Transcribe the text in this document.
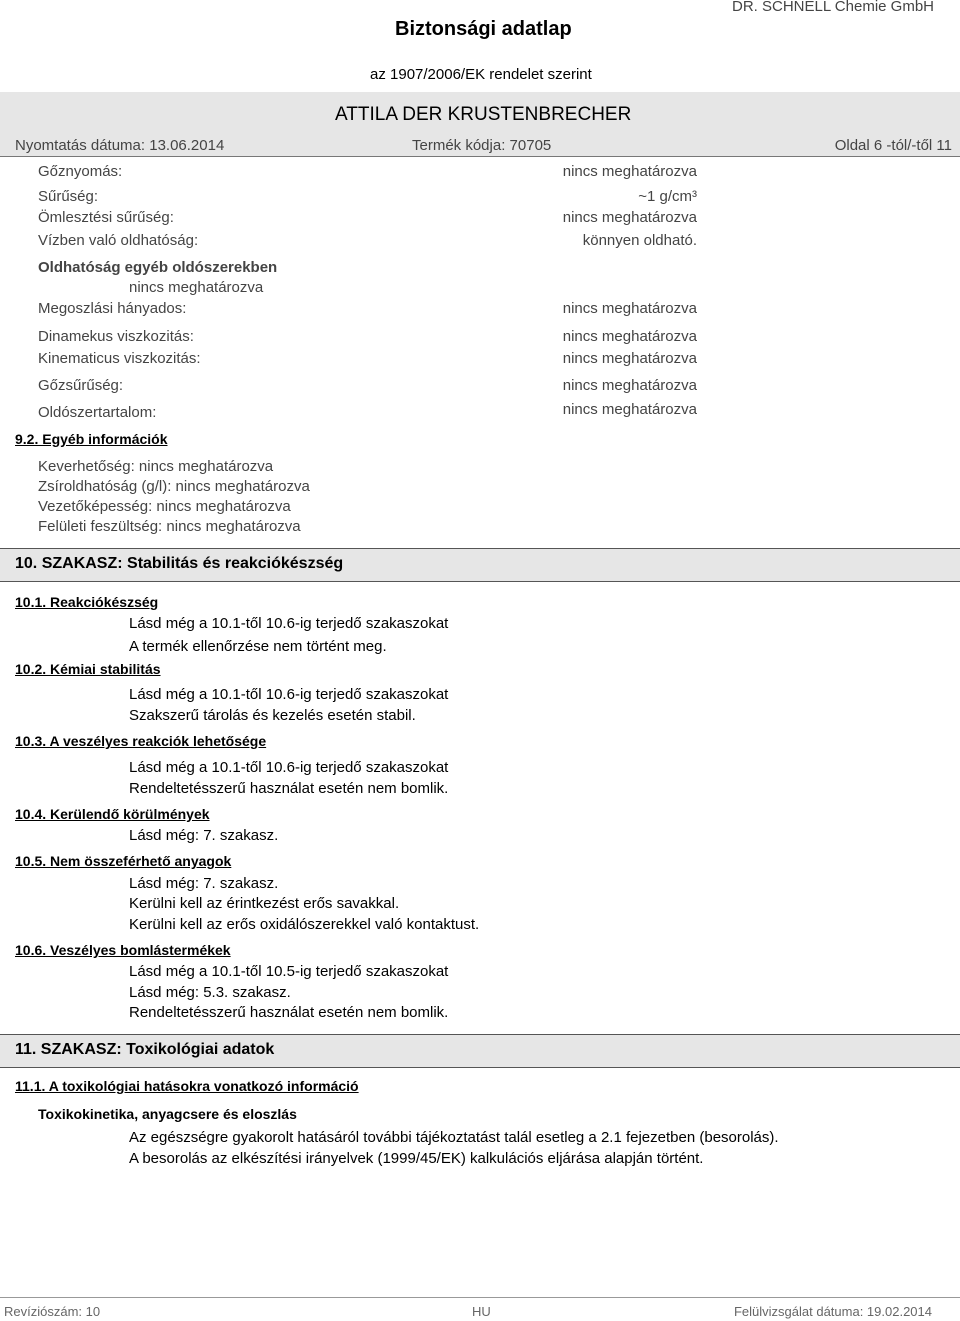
Biztonsági adatlap
DR. SCHNELL Chemie GmbH
az 1907/2006/EK rendelet szerint
ATTILA DER KRUSTENBRECHER
Nyomtatás dátuma: 13.06.2014	Termék kódja: 70705	Oldal 6 -tól/-től 11
Gőznyomás:	nincs meghatározva
Sűrűség:	~1 g/cm³
Ömlesztési sűrűség:	nincs meghatározva
Vízben való oldhatóság:	könnyen oldható.
Oldhatóság egyéb oldószerekben
nincs meghatározva
Megoszlási hányados:	nincs meghatározva
Dinamekus viszkozitás:	nincs meghatározva
Kinematicus viszkozitás:	nincs meghatározva
Gőzsűrűség:	nincs meghatározva
Oldószertartalom:	nincs meghatározva
9.2. Egyéb információk
Keverhetőség: nincs meghatározva
Zsíroldhatóság (g/l): nincs meghatározva
Vezetőképesség: nincs meghatározva
Felületi feszültség: nincs meghatározva
10. SZAKASZ: Stabilitás és reakciókészség
10.1. Reakciókészség
Lásd még a 10.1-től 10.6-ig terjedő szakaszokat
A termék ellenőrzése nem történt meg.
10.2. Kémiai stabilitás
Lásd még a 10.1-től 10.6-ig terjedő szakaszokat
Szakszerű tárolás és kezelés esetén stabil.
10.3. A veszélyes reakciók lehetősége
Lásd még a 10.1-től 10.6-ig terjedő szakaszokat
Rendeltetésszerű használat esetén nem bomlik.
10.4. Kerülendő körülmények
Lásd még: 7. szakasz.
10.5. Nem összeférhető anyagok
Lásd még: 7. szakasz.
Kerülni kell az érintkezést erős savakkal.
Kerülni kell az erős oxidálószerekkel való kontaktust.
10.6. Veszélyes bomlástermékek
Lásd még a 10.1-től 10.5-ig terjedő szakaszokat
Lásd még: 5.3. szakasz.
Rendeltetésszerű használat esetén nem bomlik.
11. SZAKASZ: Toxikológiai adatok
11.1. A toxikológiai hatásokra vonatkozó információ
Toxikokinetika, anyagcsere és eloszlás
Az egészségre gyakorolt hatásáról további tájékoztatást talál esetleg a 2.1 fejezetben (besorolás).
A besorolás az elkészítési irányelvek (1999/45/EK) kalkulációs eljárása alapján történt.
Revíziószám: 10	HU	Felülvizsgálat dátuma: 19.02.2014
